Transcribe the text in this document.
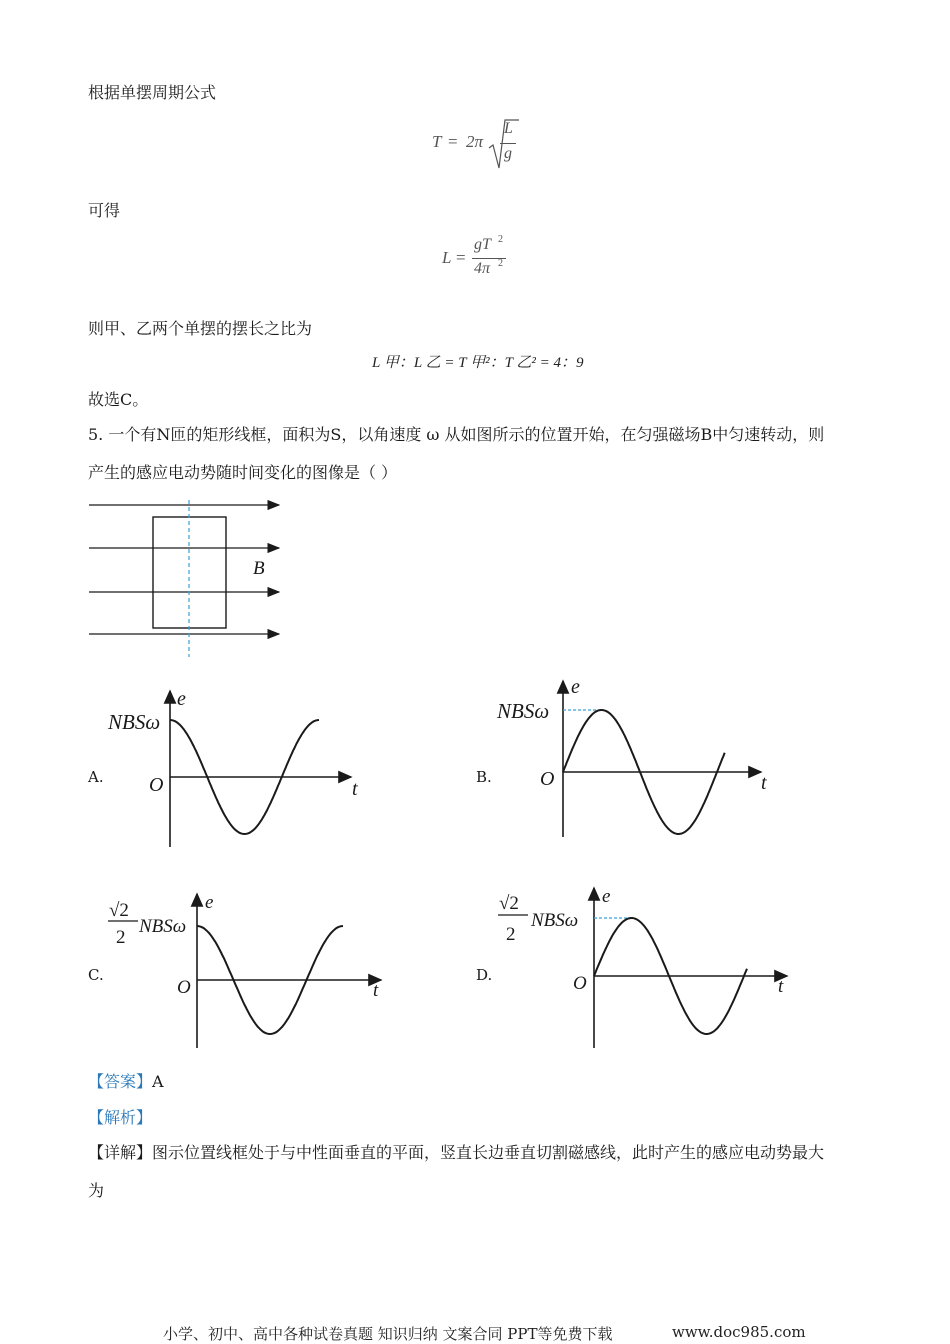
根据单摆周期公式
T = 2π
L
g
可得
L =
gT 2
4π 2
则甲、乙两个单摆的摆长之比为
L 甲：L 乙 = T 甲²：T 乙² = 4：9
故选C。
5. 一个有N匝的矩形线框，面积为S，以角速度 ω 从如图所示的位置开始，在匀强磁场B中匀速转动，则
产生的感应电动势随时间变化的图像是（ ）
B
A.
NBSω
e
t
O	B.
NBSω
e
t
O
C.
√2
2
NBSω
e
t
O
D.
√2
2
NBSω
e
t
O
【答案】A
【解析】
【详解】图示位置线框处于与中性面垂直的平面，竖直长边垂直切割磁感线，此时产生的感应电动势最大
为
小学、初中、高中各种试卷真题 知识归纳 文案合同 PPT等免费下载	www.doc985.com
